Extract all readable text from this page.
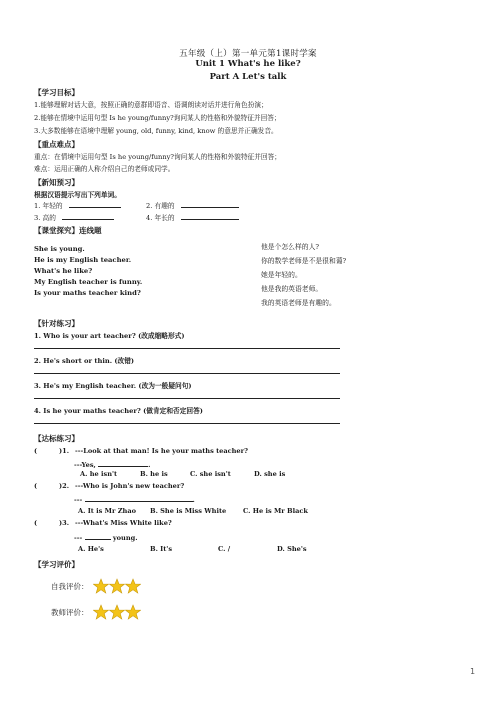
五年级（上）第一单元第1课时学案
Unit 1 What's he like?
Part A Let's talk
【学习目标】
1.能够理解对话大意，按照正确的意群即语音、语调朗读对话并进行角色扮演；
2.能够在情境中运用句型 Is he young/funny?询问某人的性格和外貌特征并回答；
3.大多数能够在语境中理解 young, old, funny, kind, know 的意思并正确发音。
【重点难点】
重点：在情境中运用句型 Is he young/funny?询问某人的性格和外貌特征并回答；
难点：运用正确的人称介绍自己的老师或同学。
【新知预习】
根据汉语提示写出下列单词。
1. 年轻的	2. 有趣的
3. 高的	4. 年长的
【课堂探究】连线题
She is young.
He is my English teacher.
What's he like?
My English teacher is funny.
Is your maths teacher kind?
他是个怎么样的人?
你的数学老师是不是很和蔼?
她是年轻的。
他是我的英语老师。
我的英语老师是有趣的。
【针对练习】
1. Who is your art teacher? (改成缩略形式)
2. He's short or thin. (改错)
3. He's my English teacher. (改为一般疑问句)
4. Is he your maths teacher? (做肯定和否定回答)
【达标练习】
(	)1. ---Look at that man! Is he your maths teacher?
---Yes,	.
A. he isn't	B. he is	C. she isn't	D. she is
(	)2. ---Who is John's new teacher?
---	.
A. It is Mr Zhao B. She is Miss White	C. He is Mr Black
(	)3. ---What's Miss White like?
---	young.
A. He's	B. It's	C. /	D. She's
【学习评价】
自我评价：
教师评价：
1
